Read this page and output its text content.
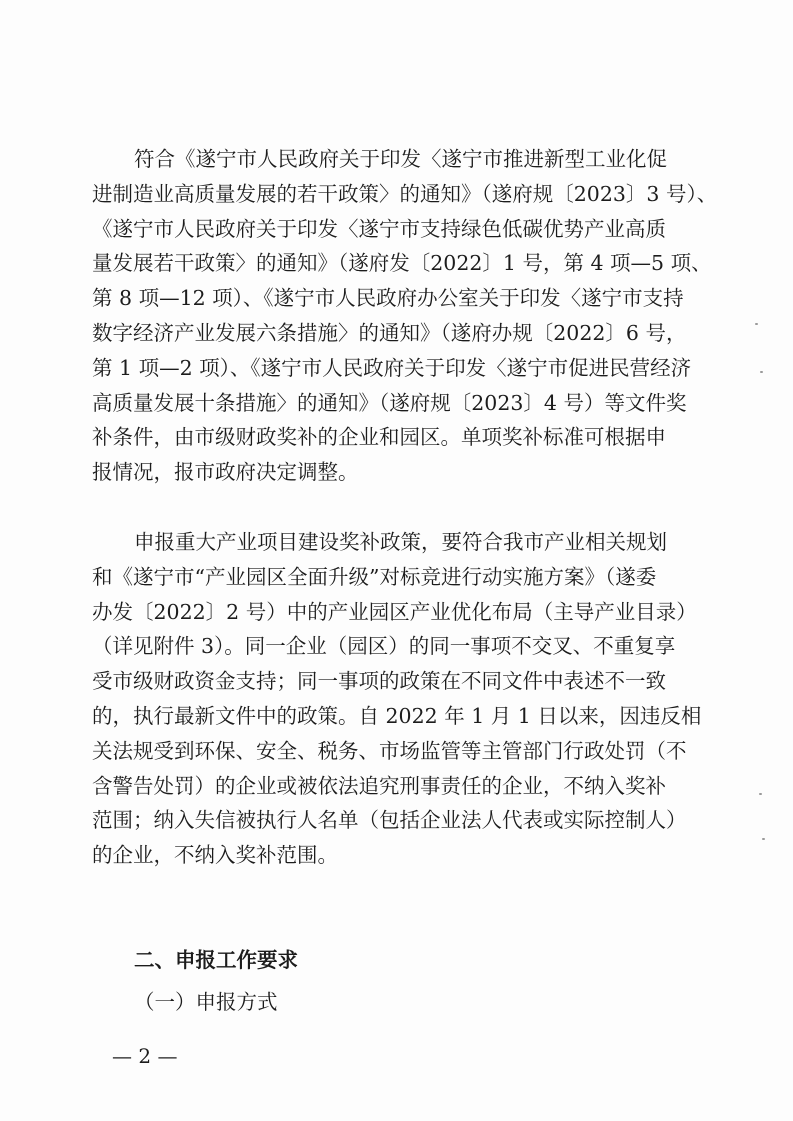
符合《遂宁市人民政府关于印发〈遂宁市推进新型工业化促
进制造业高质量发展的若干政策〉的通知》（遂府规〔2023〕3 号）、
《遂宁市人民政府关于印发〈遂宁市支持绿色低碳优势产业高质
量发展若干政策〉的通知》（遂府发〔2022〕1 号，第 4 项—5 项、
第 8 项—12 项）、《遂宁市人民政府办公室关于印发〈遂宁市支持
数字经济产业发展六条措施〉的通知》（遂府办规〔2022〕6 号，
第 1 项—2 项）、《遂宁市人民政府关于印发〈遂宁市促进民营经济
高质量发展十条措施〉的通知》（遂府规〔2023〕4 号）等文件奖
补条件，由市级财政奖补的企业和园区。单项奖补标准可根据申
报情况，报市政府决定调整。
申报重大产业项目建设奖补政策，要符合我市产业相关规划
和《遂宁市“产业园区全面升级”对标竞进行动实施方案》（遂委
办发〔2022〕2 号）中的产业园区产业优化布局（主导产业目录）
（详见附件 3）。同一企业（园区）的同一事项不交叉、不重复享
受市级财政资金支持；同一事项的政策在不同文件中表述不一致
的，执行最新文件中的政策。自 2022 年 1 月 1 日以来，因违反相
关法规受到环保、安全、税务、市场监管等主管部门行政处罚（不
含警告处罚）的企业或被依法追究刑事责任的企业，不纳入奖补
范围；纳入失信被执行人名单（包括企业法人代表或实际控制人）
的企业，不纳入奖补范围。
二、申报工作要求
（一）申报方式
— 2 —
